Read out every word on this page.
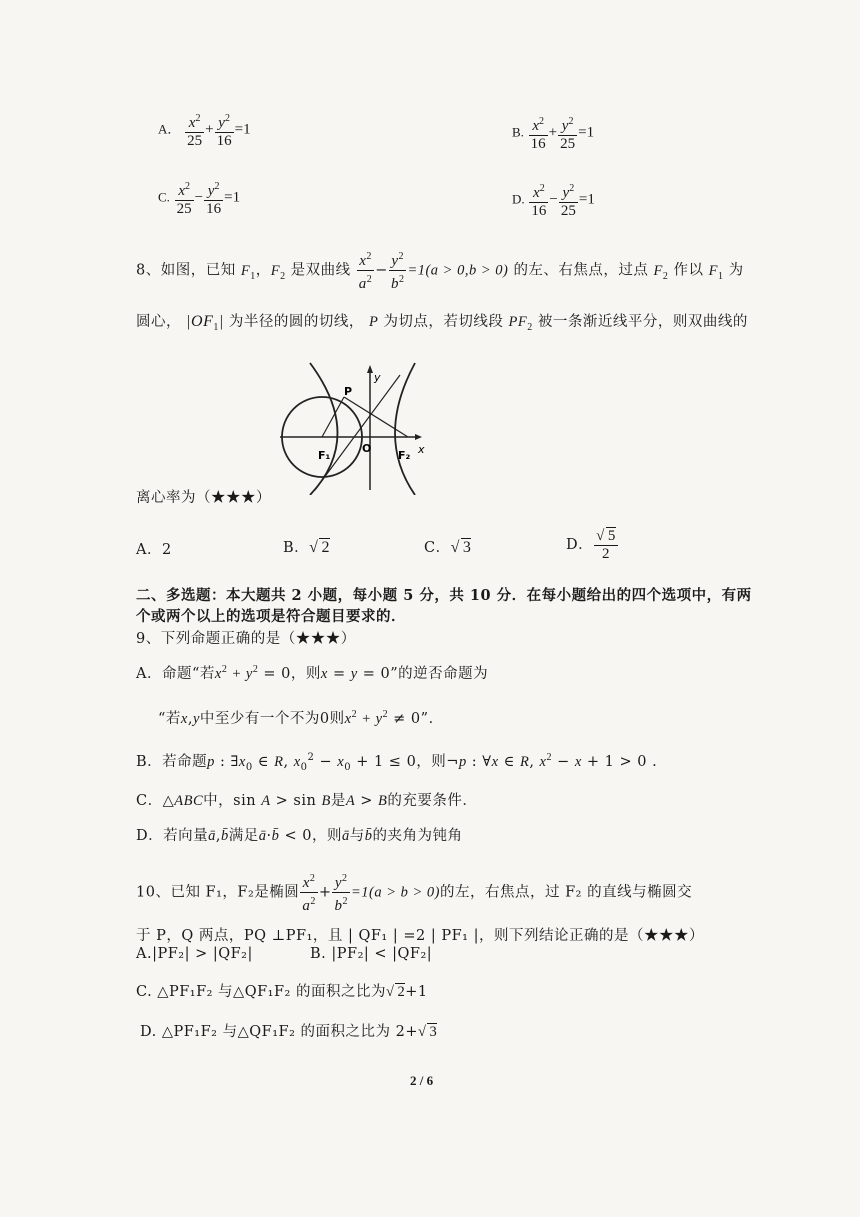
A． $\frac{x^2}{25} + \frac{y^2}{16} =1$	B. $\frac{x^2}{16} + \frac{y^2}{25} =1$
C. $\frac{x^2}{25} - \frac{y^2}{16} =1$	D. $\frac{x^2}{16} - \frac{y^2}{25} =1$
8、如图，已知 $F_1$，$F_2$ 是双曲线 $\frac{x^2}{a^2} - \frac{y^2}{b^2} =1(a > 0,b > 0)$ 的左、右焦点，过点 $F_2$ 作以 $F_1$ 为
圆心， $|OF_1|$ 为半径的圆的切线， P 为切点，若切线段 $PF_2$ 被一条渐近线平分，则双曲线的
P
y
x
O
F₁	F₂
离心率为（★★★）
A．2	B．√ 2	C．√ 3	D． $\frac{√ 5}{2}$
二、多选题：本大题共 2 小题，每小题 5 分，共 10 分．在每小题给出的四个选项中，有两
个或两个以上的选项是符合题目要求的．
9、下列命题正确的是（★★★）
A．命题“若$x^2 + y^2 = 0$，则x = y = 0”的逆否命题为
“若x,y中至少有一个不为0则$x^2 + y^2 \ne 0$”．
B．若命题p : $\exists x_0$ ∈ R, $x_0^2 - x_0 + 1 \le 0$，则¬p : ∀x ∈ R, $x^2 - x + 1 > 0$ .
C．△ABC中，sin A > sin B是A > B的充要条件．
D．若向量ā,b̄满足ā·b̄ < 0，则ā与b̄的夹角为钝角
10、已知 F₁，F₂是椭圆 $\frac{x^2}{a^2} + \frac{y^2}{b^2} =1(a > b > 0)$的左，右焦点，过 F₂ 的直线与椭圆交
于 P，Q 两点，PQ ⊥PF₁，且 | QF₁ | =2 | PF₁ |，则下列结论正确的是（★★★）
A.|PF₂| > |QF₂|	B. |PF₂| < |QF₂|
C. △PF₁F₂ 与△QF₁F₂ 的面积之比为√ 2+1
D. △PF₁F₂ 与△QF₁F₂ 的面积之比为 2+√ 3
2 / 6
